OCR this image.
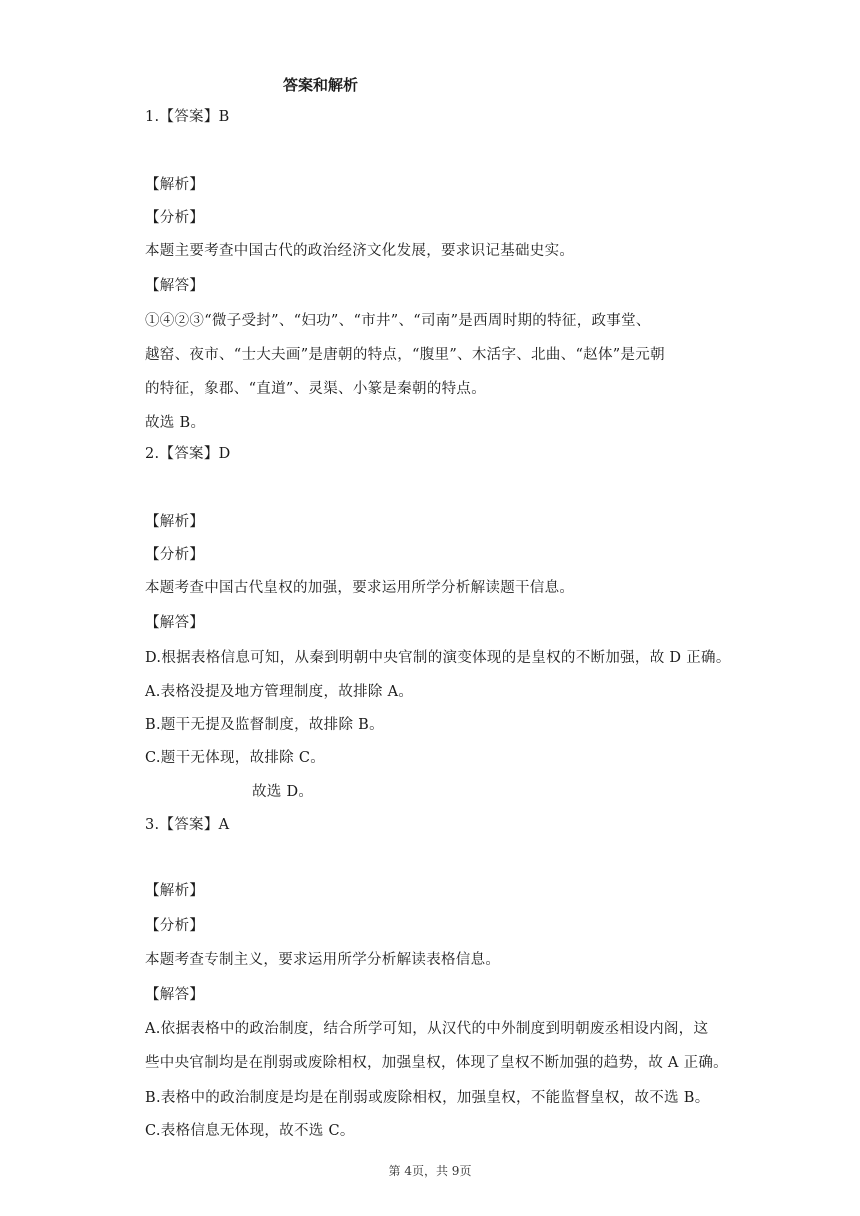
答案和解析
1.【答案】B
【解析】
【分析】
本题主要考查中国古代的政治经济文化发展，要求识记基础史实。
【解答】
①④②③“微子受封”、“妇功”、“市井”、“司南”是西周时期的特征，政事堂、
越窑、夜市、“士大夫画”是唐朝的特点，“腹里”、木活字、北曲、“赵体”是元朝
的特征，象郡、“直道”、灵渠、小篆是秦朝的特点。
故选 B。
2.【答案】D
【解析】
【分析】
本题考查中国古代皇权的加强，要求运用所学分析解读题干信息。
【解答】
D.根据表格信息可知，从秦到明朝中央官制的演变体现的是皇权的不断加强，故 D 正确。
A.表格没提及地方管理制度，故排除 A。
B.题干无提及监督制度，故排除 B。
C.题干无体现，故排除 C。
故选 D。
3.【答案】A
【解析】
【分析】
本题考查专制主义，要求运用所学分析解读表格信息。
【解答】
A.依据表格中的政治制度，结合所学可知，从汉代的中外制度到明朝废丞相设内阁，这
些中央官制均是在削弱或废除相权，加强皇权，体现了皇权不断加强的趋势，故 A 正确。
B.表格中的政治制度是均是在削弱或废除相权，加强皇权，不能监督皇权，故不选 B。
C.表格信息无体现，故不选 C。
第 4页，共 9页
